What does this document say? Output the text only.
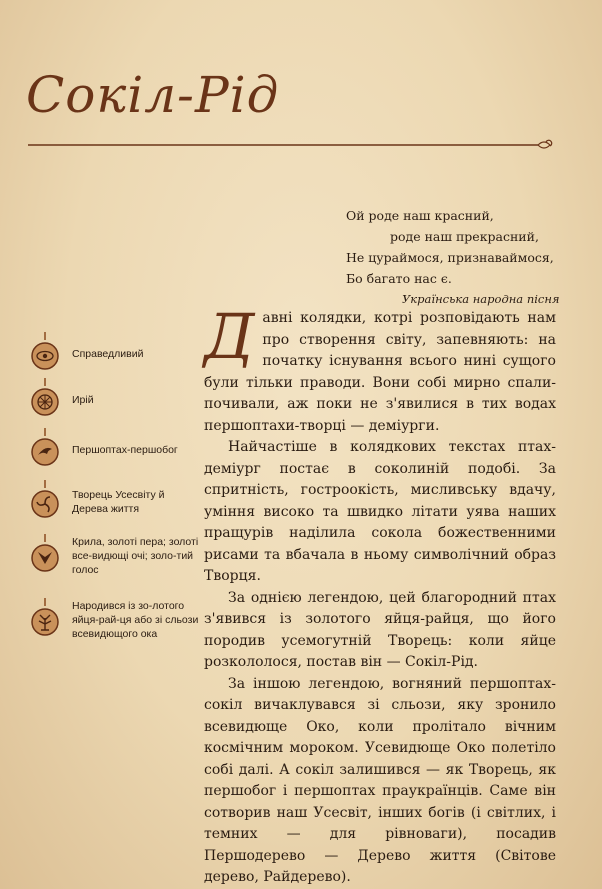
Сокіл-Рід
Ой роде наш красний,
роде наш прекрасний,
Не цураймося, признаваймося,
Бо багато нас є.
Українська народна пісня
Справедливий
Ирій
Першоптах-першобог
Творець Усесвіту й Дерева життя
Крила, золоті пера; золоті все-видющі очі; золо-тий голос
Народився із зо-лотого яйця-рай-ця або зі сльози всевидющого ока

Давні колядки, котрі розповідають нам про створення світу, запевняють: на початку існування всього нині сущого були тільки праводи. Вони собі мирно спали-почивали, аж поки не з'явилися в тих водах першоптахи-творці — деміурги.

Найчастіше в колядкових текстах птах-деміург постає в соколиній подобі. За спритність, гостроокість, мисливську вдачу, уміння високо та швидко літати уява наших пращурів наділила сокола божественними рисами та вбачала в ньому символічний образ Творця.

За однією легендою, цей благородний птах з'явився із золотого яйця-райця, що його породив усемогутній Творець: коли яйце розкололося, постав він — Сокіл-Рід.

За іншою легендою, вогняний першоптах-сокіл вичаклувався зі сльози, яку зронило всевидюще Око, коли пролітало вічним космічним мороком. Усевидюще Око полетіло собі далі. А сокіл залишився — як Творець, як першобог і першоптах праукраїнців. Саме він сотворив наш Усесвіт, інших богів (і світлих, і темних — для рівноваги), посадив Першодерево — Дерево життя (Світове дерево, Райдерево).
